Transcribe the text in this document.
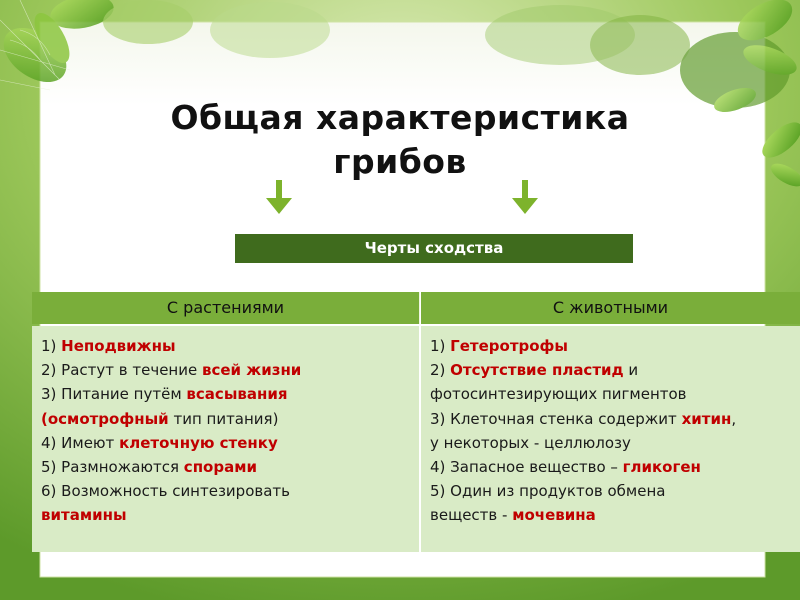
Общая характеристика
грибов
Черты сходства
С растениями	С животными
1) Неподвижны
2) Растут в течение всей жизни
3) Питание путём всасывания
(осмотрофный тип питания)
4) Имеют клеточную стенку
5) Размножаются спорами
6) Возможность синтезировать
витамины
1) Гетеротрофы
2) Отсутствие пластид и
фотосинтезирующих пигментов
3) Клеточная стенка содержит хитин,
у некоторых - целлюлозу
4) Запасное вещество – гликоген
5) Один из продуктов обмена
веществ - мочевина
